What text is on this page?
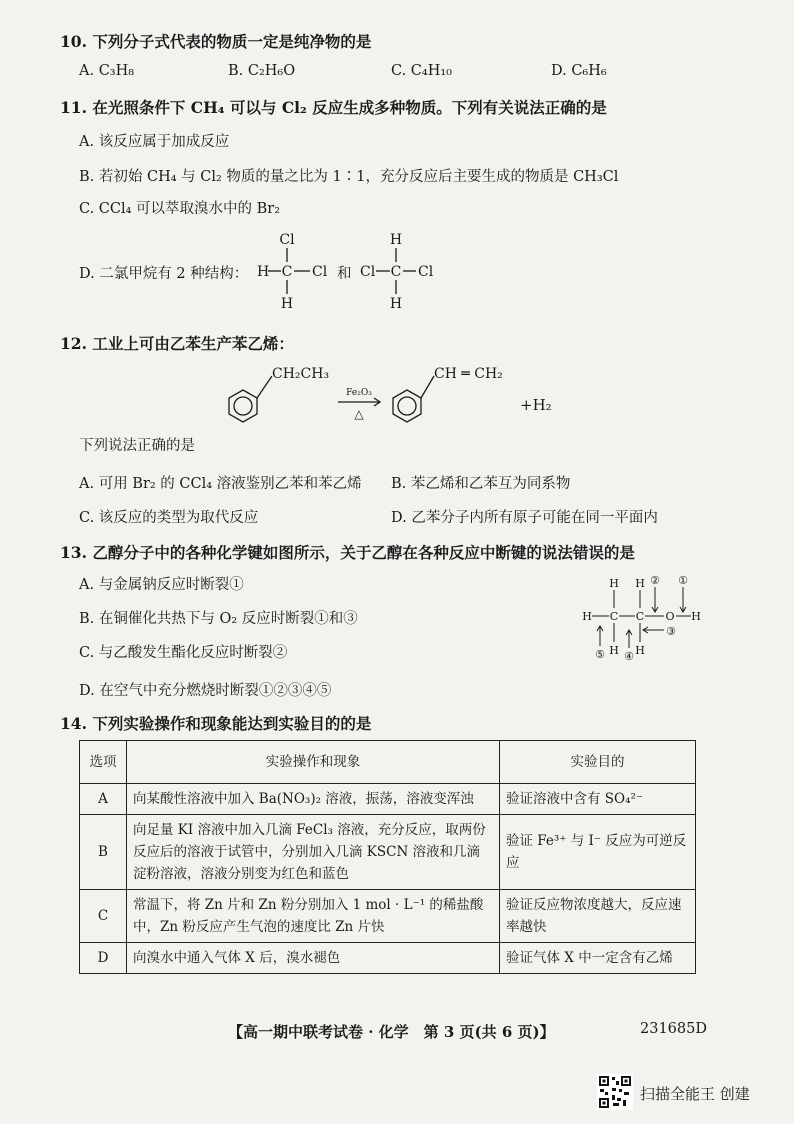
10. 下列分子式代表的物质一定是纯净物的是
A. C₃H₈	B. C₂H₆O	C. C₄H₁₀	D. C₆H₆
11. 在光照条件下 CH₄ 可以与 Cl₂ 反应生成多种物质。下列有关说法正确的是
A. 该反应属于加成反应
B. 若初始 CH₄ 与 Cl₂ 物质的量之比为 1∶1，充分反应后主要生成的物质是 CH₃Cl
C. CCl₄ 可以萃取溴水中的 Br₂
D. 二氯甲烷有 2 种结构：
Cl
H C Cl
H
H
Cl C Cl
H
和
12. 工业上可由乙苯生产苯乙烯：
CH₂CH₃
Fe₂O₃
△
CH ═ CH₂
+H₂
下列说法正确的是
A. 可用 Br₂ 的 CCl₄ 溶液鉴别乙苯和苯乙烯 B. 苯乙烯和乙苯互为同系物
C. 该反应的类型为取代反应	D. 乙苯分子内所有原子可能在同一平面内
13. 乙醇分子中的各种化学键如图所示，关于乙醇在各种反应中断键的说法错误的是
A. 与金属钠反应时断裂①
B. 在铜催化共热下与 O₂ 反应时断裂①和③
C. 与乙酸发生酯化反应时断裂②
D. 在空气中充分燃烧时断裂①②③④⑤
H H
H C C O H
H H
② ①
③
④
⑤
14. 下列实验操作和现象能达到实验目的的是
选项	实验操作和现象	实验目的
A	向某酸性溶液中加入 Ba(NO₃)₂ 溶液，振荡，溶液变浑浊	验证溶液中含有 SO₄²⁻
B	向足量 KI 溶液中加入几滴 FeCl₃ 溶液，充分反应，取两份反应后的溶液于试管中，分别加入几滴 KSCN 溶液和几滴淀粉溶液，溶液分别变为红色和蓝色	验证 Fe³⁺ 与 I⁻ 反应为可逆反应
C	常温下，将 Zn 片和 Zn 粉分别加入 1 mol · L⁻¹ 的稀盐酸中，Zn 粉反应产生气泡的速度比 Zn 片快	验证反应物浓度越大，反应速率越快
D	向溴水中通入气体 X 后，溴水褪色	验证气体 X 中一定含有乙烯
【高一期中联考试卷 · 化学　第 3 页(共 6 页)】	231685D
扫描全能王 创建
